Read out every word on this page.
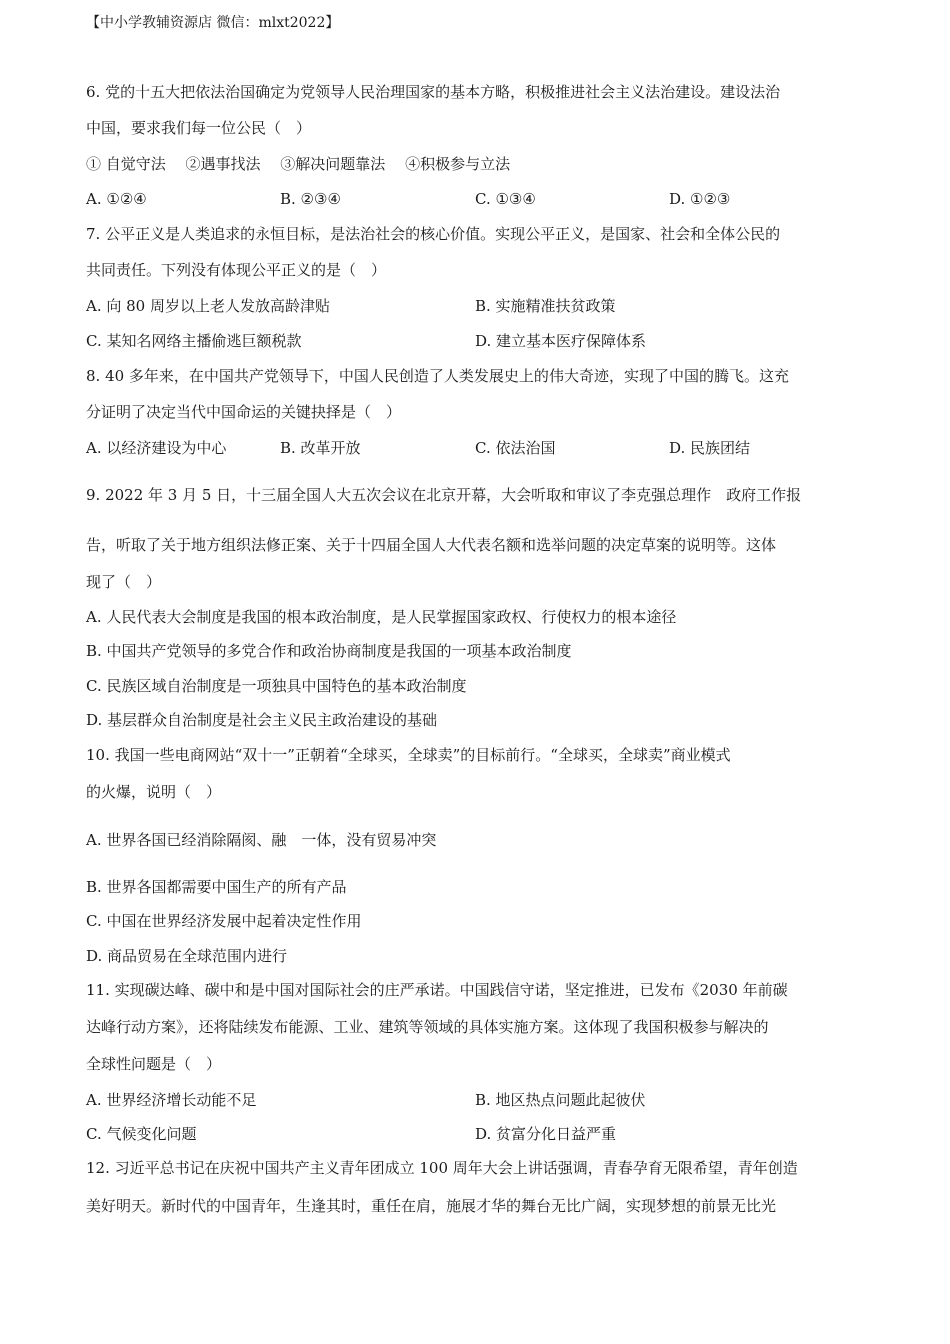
【中小学教辅资源店 微信：mlxt2022】
6. 党的十五大把依法治国确定为党领导人民治理国家的基本方略，积极推进社会主义法治建设。建设法治
中国，要求我们每一位公民（　）
① 自觉守法　 ②遇事找法　 ③解决问题靠法　 ④积极参与立法
A. ①②④	B. ②③④	C. ①③④	D. ①②③
7. 公平正义是人类追求的永恒目标，是法治社会的核心价值。实现公平正义，是国家、社会和全体公民的
共同责任。下列没有体现公平正义的是（　）
A. 向 80 周岁以上老人发放高龄津贴	B. 实施精准扶贫政策
C. 某知名网络主播偷逃巨额税款	D. 建立基本医疗保障体系
8. 40 多年来，在中国共产党领导下，中国人民创造了人类发展史上的伟大奇迹，实现了中国的腾飞。这充
分证明了决定当代中国命运的关键抉择是（　）
A. 以经济建设为中心	B. 改革开放	C. 依法治国	D. 民族团结
9. 2022 年 3 月 5 日，十三届全国人大五次会议在北京开幕，大会听取和审议了李克强总理作　政府工作报
告，听取了关于地方组织法修正案、关于十四届全国人大代表名额和选举问题的决定草案的说明等。这体
现了（　）
A. 人民代表大会制度是我国的根本政治制度，是人民掌握国家政权、行使权力的根本途径
B. 中国共产党领导的多党合作和政治协商制度是我国的一项基本政治制度
C. 民族区域自治制度是一项独具中国特色的基本政治制度
D. 基层群众自治制度是社会主义民主政治建设的基础
10. 我国一些电商网站“双十一”正朝着“全球买，全球卖”的目标前行。“全球买，全球卖”商业模式
的火爆，说明（　）
A. 世界各国已经消除隔阂、融　一体，没有贸易冲突
B. 世界各国都需要中国生产的所有产品
C. 中国在世界经济发展中起着决定性作用
D. 商品贸易在全球范围内进行
11. 实现碳达峰、碳中和是中国对国际社会的庄严承诺。中国践信守诺，坚定推进，已发布《2030 年前碳
达峰行动方案》，还将陆续发布能源、工业、建筑等领域的具体实施方案。这体现了我国积极参与解决的
全球性问题是（　）
A. 世界经济增长动能不足	B. 地区热点问题此起彼伏
C. 气候变化问题	D. 贫富分化日益严重
12. 习近平总书记在庆祝中国共产主义青年团成立 100 周年大会上讲话强调，青春孕育无限希望，青年创造
美好明天。新时代的中国青年，生逢其时，重任在肩，施展才华的舞台无比广阔，实现梦想的前景无比光
